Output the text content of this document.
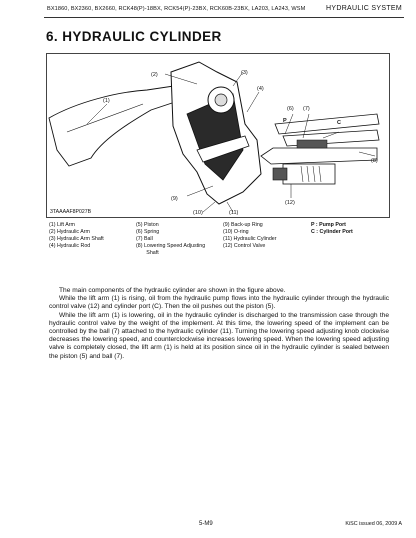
BX1860, BX2360, BX2660, RCK48(P)-18BX, RCK54(P)-23BX, RCK60B-23BX, LA203, LA243, WSM	HYDRAULIC SYSTEM
6. HYDRAULIC CYLINDER
(2)	(3)
(4)
(1)
(6) (7)
P	C
(8)
(9)
(10)	(11)
(12)
3TAAAAF8P027B
(1) Lift Arm
(2) Hydraulic Arm
(3) Hydraulic Arm Shaft
(4) Hydraulic Rod
(5) Piston
(6) Spring
(7) Ball
(8) Lowering Speed Adjusting
Shaft
(9) Back-up Ring
(10) O-ring
(11) Hydraulic Cylinder
(12) Control Valve
P : Pump Port
C : Cylinder Port

The main components of the hydraulic cylinder are shown in the figure above.

While the lift arm (1) is rising, oil from the hydraulic pump flows into the hydraulic cylinder through the hydraulic control valve (12) and cylinder port (C). Then the oil pushes out the piston (5).

While the lift arm (1) is lowering, oil in the hydraulic cylinder is discharged to the transmission case through the hydraulic control valve by the weight of the implement. At this time, the lowering speed of the implement can be controlled by the ball (7) attached to the hydraulic cylinder (11). Turning the lowering speed adjusting knob clockwise decreases the lowering speed, and counterclockwise increases lowering speed. When the lowering speed adjusting valve is completely closed, the lift arm (1) is held at its position since oil in the hydraulic cylinder is sealed between the piston (5) and ball (7).

5-M9	KiSC issued 06, 2009 A
